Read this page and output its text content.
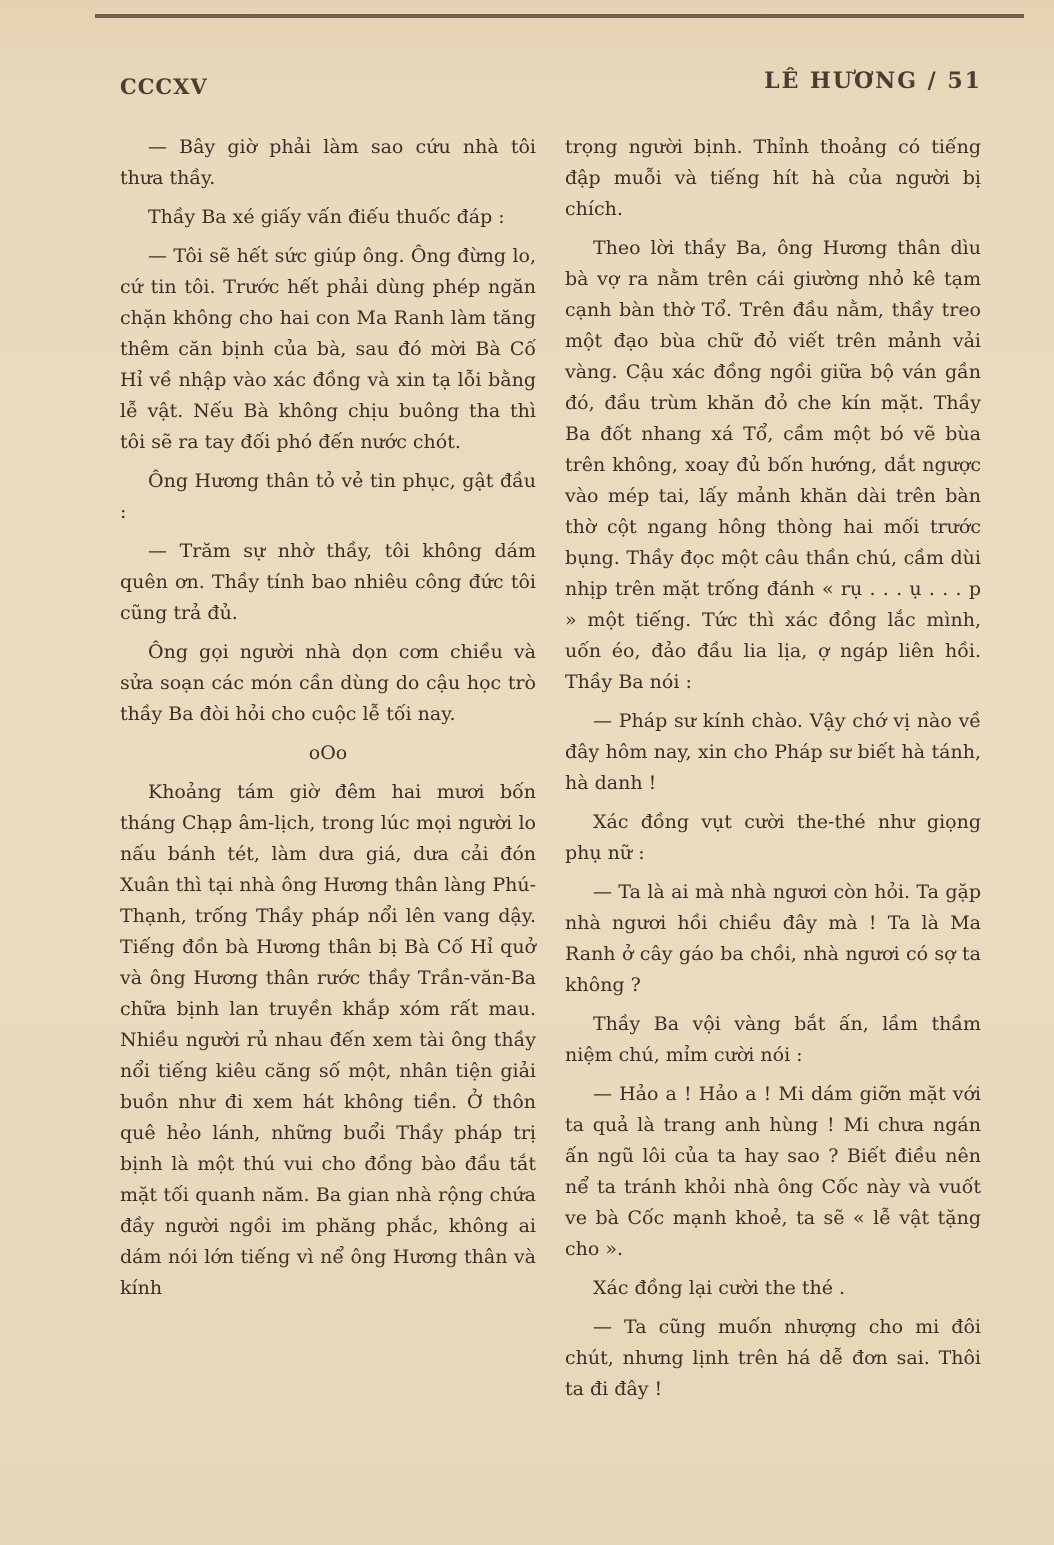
CCCXV	LÊ HƯƠNG / 51

— Bây giờ phải làm sao cứu nhà tôi thưa thầy.

Thầy Ba xé giấy vấn điếu thuốc đáp :

— Tôi sẽ hết sức giúp ông. Ông đừng lo, cứ tin tôi. Trước hết phải dùng phép ngăn chặn không cho hai con Ma Ranh làm tăng thêm căn bịnh của bà, sau đó mời Bà Cố Hỉ về nhập vào xác đồng và xin tạ lỗi bằng lễ vật. Nếu Bà không chịu buông tha thì tôi sẽ ra tay đối phó đến nước chót.

Ông Hương thân tỏ vẻ tin phục, gật đầu :

— Trăm sự nhờ thầy, tôi không dám quên ơn. Thầy tính bao nhiêu công đức tôi cũng trả đủ.

Ông gọi người nhà dọn cơm chiều và sửa soạn các món cần dùng do cậu học trò thầy Ba đòi hỏi cho cuộc lễ tối nay.

oOo

Khoảng tám giờ đêm hai mươi bốn tháng Chạp âm-lịch, trong lúc mọi người lo nấu bánh tét, làm dưa giá, dưa cải đón Xuân thì tại nhà ông Hương thân làng Phú-Thạnh, trống Thầy pháp nổi lên vang dậy. Tiếng đồn bà Hương thân bị Bà Cố Hỉ quở và ông Hương thân rước thầy Trần-văn-Ba chữa bịnh lan truyền khắp xóm rất mau. Nhiều người rủ nhau đến xem tài ông thầy nổi tiếng kiêu căng số một, nhân tiện giải buồn như đi xem hát không tiền. Ở thôn quê hẻo lánh, những buổi Thầy pháp trị bịnh là một thú vui cho đồng bào đầu tắt mặt tối quanh năm. Ba gian nhà rộng chứa đầy người ngồi im phăng phắc, không ai dám nói lớn tiếng vì nể ông Hương thân và kính

trọng người bịnh. Thỉnh thoảng có tiếng đập muỗi và tiếng hít hà của người bị chích.

Theo lời thầy Ba, ông Hương thân dìu bà vợ ra nằm trên cái giường nhỏ kê tạm cạnh bàn thờ Tổ. Trên đầu nằm, thầy treo một đạo bùa chữ đỏ viết trên mảnh vải vàng. Cậu xác đồng ngồi giữa bộ ván gần đó, đầu trùm khăn đỏ che kín mặt. Thầy Ba đốt nhang xá Tổ, cầm một bó vẽ bùa trên không, xoay đủ bốn hướng, dắt ngược vào mép tai, lấy mảnh khăn dài trên bàn thờ cột ngang hông thòng hai mối trước bụng. Thầy đọc một câu thần chú, cầm dùi nhịp trên mặt trống đánh « rụ . . . ụ . . . p » một tiếng. Tức thì xác đồng lắc mình, uốn éo, đảo đầu lia lịa, ợ ngáp liên hồi. Thầy Ba nói :

— Pháp sư kính chào. Vậy chớ vị nào về đây hôm nay, xin cho Pháp sư biết hà tánh, hà danh !

Xác đồng vụt cười the-thé như giọng phụ nữ :

— Ta là ai mà nhà ngươi còn hỏi. Ta gặp nhà ngươi hồi chiều đây mà ! Ta là Ma Ranh ở cây gáo ba chồi, nhà ngươi có sợ ta không ?

Thầy Ba vội vàng bắt ấn, lầm thầm niệm chú, mỉm cười nói :

— Hảo a ! Hảo a ! Mi dám giỡn mặt với ta quả là trang anh hùng ! Mi chưa ngán ấn ngũ lôi của ta hay sao ? Biết điều nên nể ta tránh khỏi nhà ông Cốc này và vuốt ve bà Cốc mạnh khoẻ, ta sẽ « lễ vật tặng cho ».

Xác đồng lại cười the thé .

— Ta cũng muốn nhượng cho mi đôi chút, nhưng lịnh trên há dễ đơn sai. Thôi ta đi đây !
